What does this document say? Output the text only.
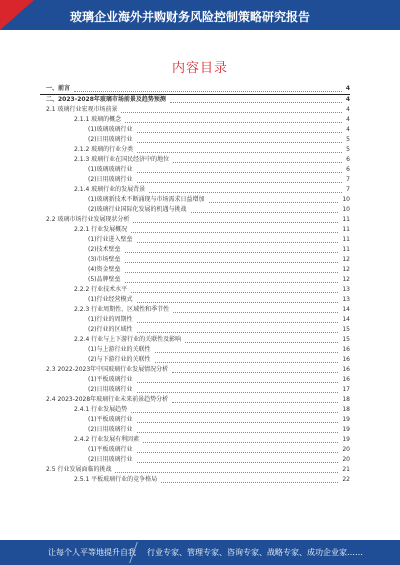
玻璃企业海外并购财务风险控制策略研究报告
内容目录
一、前言	4
二、2023-2028年玻璃市场前景及趋势预测	4
2.1 玻璃行业宏观市场前景	4
2.1.1 玻璃的概念	4
(1)玻璃玻璃行业	4
(2)日用玻璃行业	5
2.1.2 玻璃的行业分类	5
2.1.3 玻璃行业在国民经济中的地位	6
(1)玻璃玻璃行业	6
(2)日用玻璃行业	7
2.1.4 玻璃行业的发展背景	7
(1)玻璃新技术不断涌现与市场需求日益增加	10
(2)玻璃行业国际化发展的机遇与挑战	10
2.2 玻璃市场行业发展现状分析	11
2.2.1 行业发展概况	11
(1)行业进入壁垒	11
(2)技术壁垒	11
(3)市场壁垒	12
(4)资金壁垒	12
(5)品牌壁垒	12
2.2.2 行业技术水平	13
(1)行业经营模式	13
2.2.3 行业周期性、区域性和季节性	14
(1)行业的周期性	14
(2)行业的区域性	15
2.2.4 行业与上下游行业的关联性及影响	15
(1)与上游行业的关联性	16
(2)与下游行业的关联性	16
2.3 2022-2023年中国玻璃行业发展情况分析	16
(1)平板玻璃行业	16
(2)日用玻璃行业	17
2.4 2023-2028年玻璃行业未来前景趋势分析	18
2.4.1 行业发展趋势	18
(1)平板玻璃行业	19
(2)日用玻璃行业	19
2.4.2 行业发展有利因素	19
(1)平板玻璃行业	20
(2)日用玻璃行业	20
2.5 行业发展面临的挑战	21
2.5.1 平板玻璃行业的竞争格局	22
让每个人平等地提升自我 行业专家、管理专家、咨询专家、战略专家、成功企业家……
